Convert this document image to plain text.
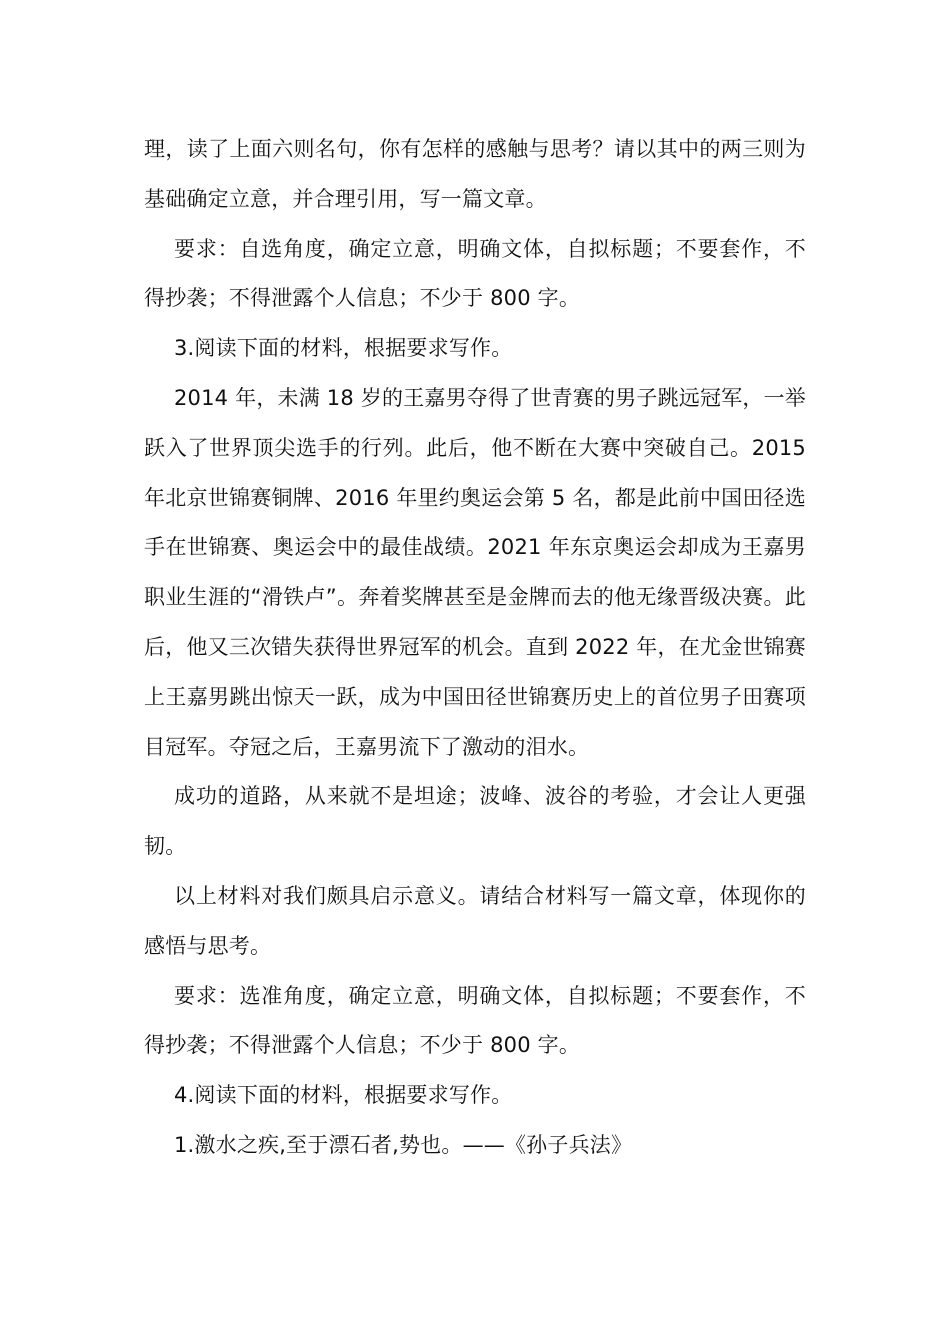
理，读了上面六则名句，你有怎样的感触与思考？请以其中的两三则为基础确定立意，并合理引用，写一篇文章。

要求：自选角度，确定立意，明确文体，自拟标题；不要套作，不得抄袭；不得泄露个人信息；不少于 800 字。

3.阅读下面的材料，根据要求写作。

2014 年，未满 18 岁的王嘉男夺得了世青赛的男子跳远冠军，一举跃入了世界顶尖选手的行列。此后，他不断在大赛中突破自己。2015 年北京世锦赛铜牌、2016 年里约奥运会第 5 名，都是此前中国田径选手在世锦赛、奥运会中的最佳战绩。2021 年东京奥运会却成为王嘉男职业生涯的“滑铁卢”。奔着奖牌甚至是金牌而去的他无缘晋级决赛。此后，他又三次错失获得世界冠军的机会。直到 2022 年，在尤金世锦赛上王嘉男跳出惊天一跃，成为中国田径世锦赛历史上的首位男子田赛项目冠军。夺冠之后，王嘉男流下了激动的泪水。

成功的道路，从来就不是坦途；波峰、波谷的考验，才会让人更强韧。

以上材料对我们颇具启示意义。请结合材料写一篇文章，体现你的感悟与思考。

要求：选准角度，确定立意，明确文体，自拟标题；不要套作，不得抄袭；不得泄露个人信息；不少于 800 字。

4.阅读下面的材料，根据要求写作。

1.激水之疾,至于漂石者,势也。——《孙子兵法》
